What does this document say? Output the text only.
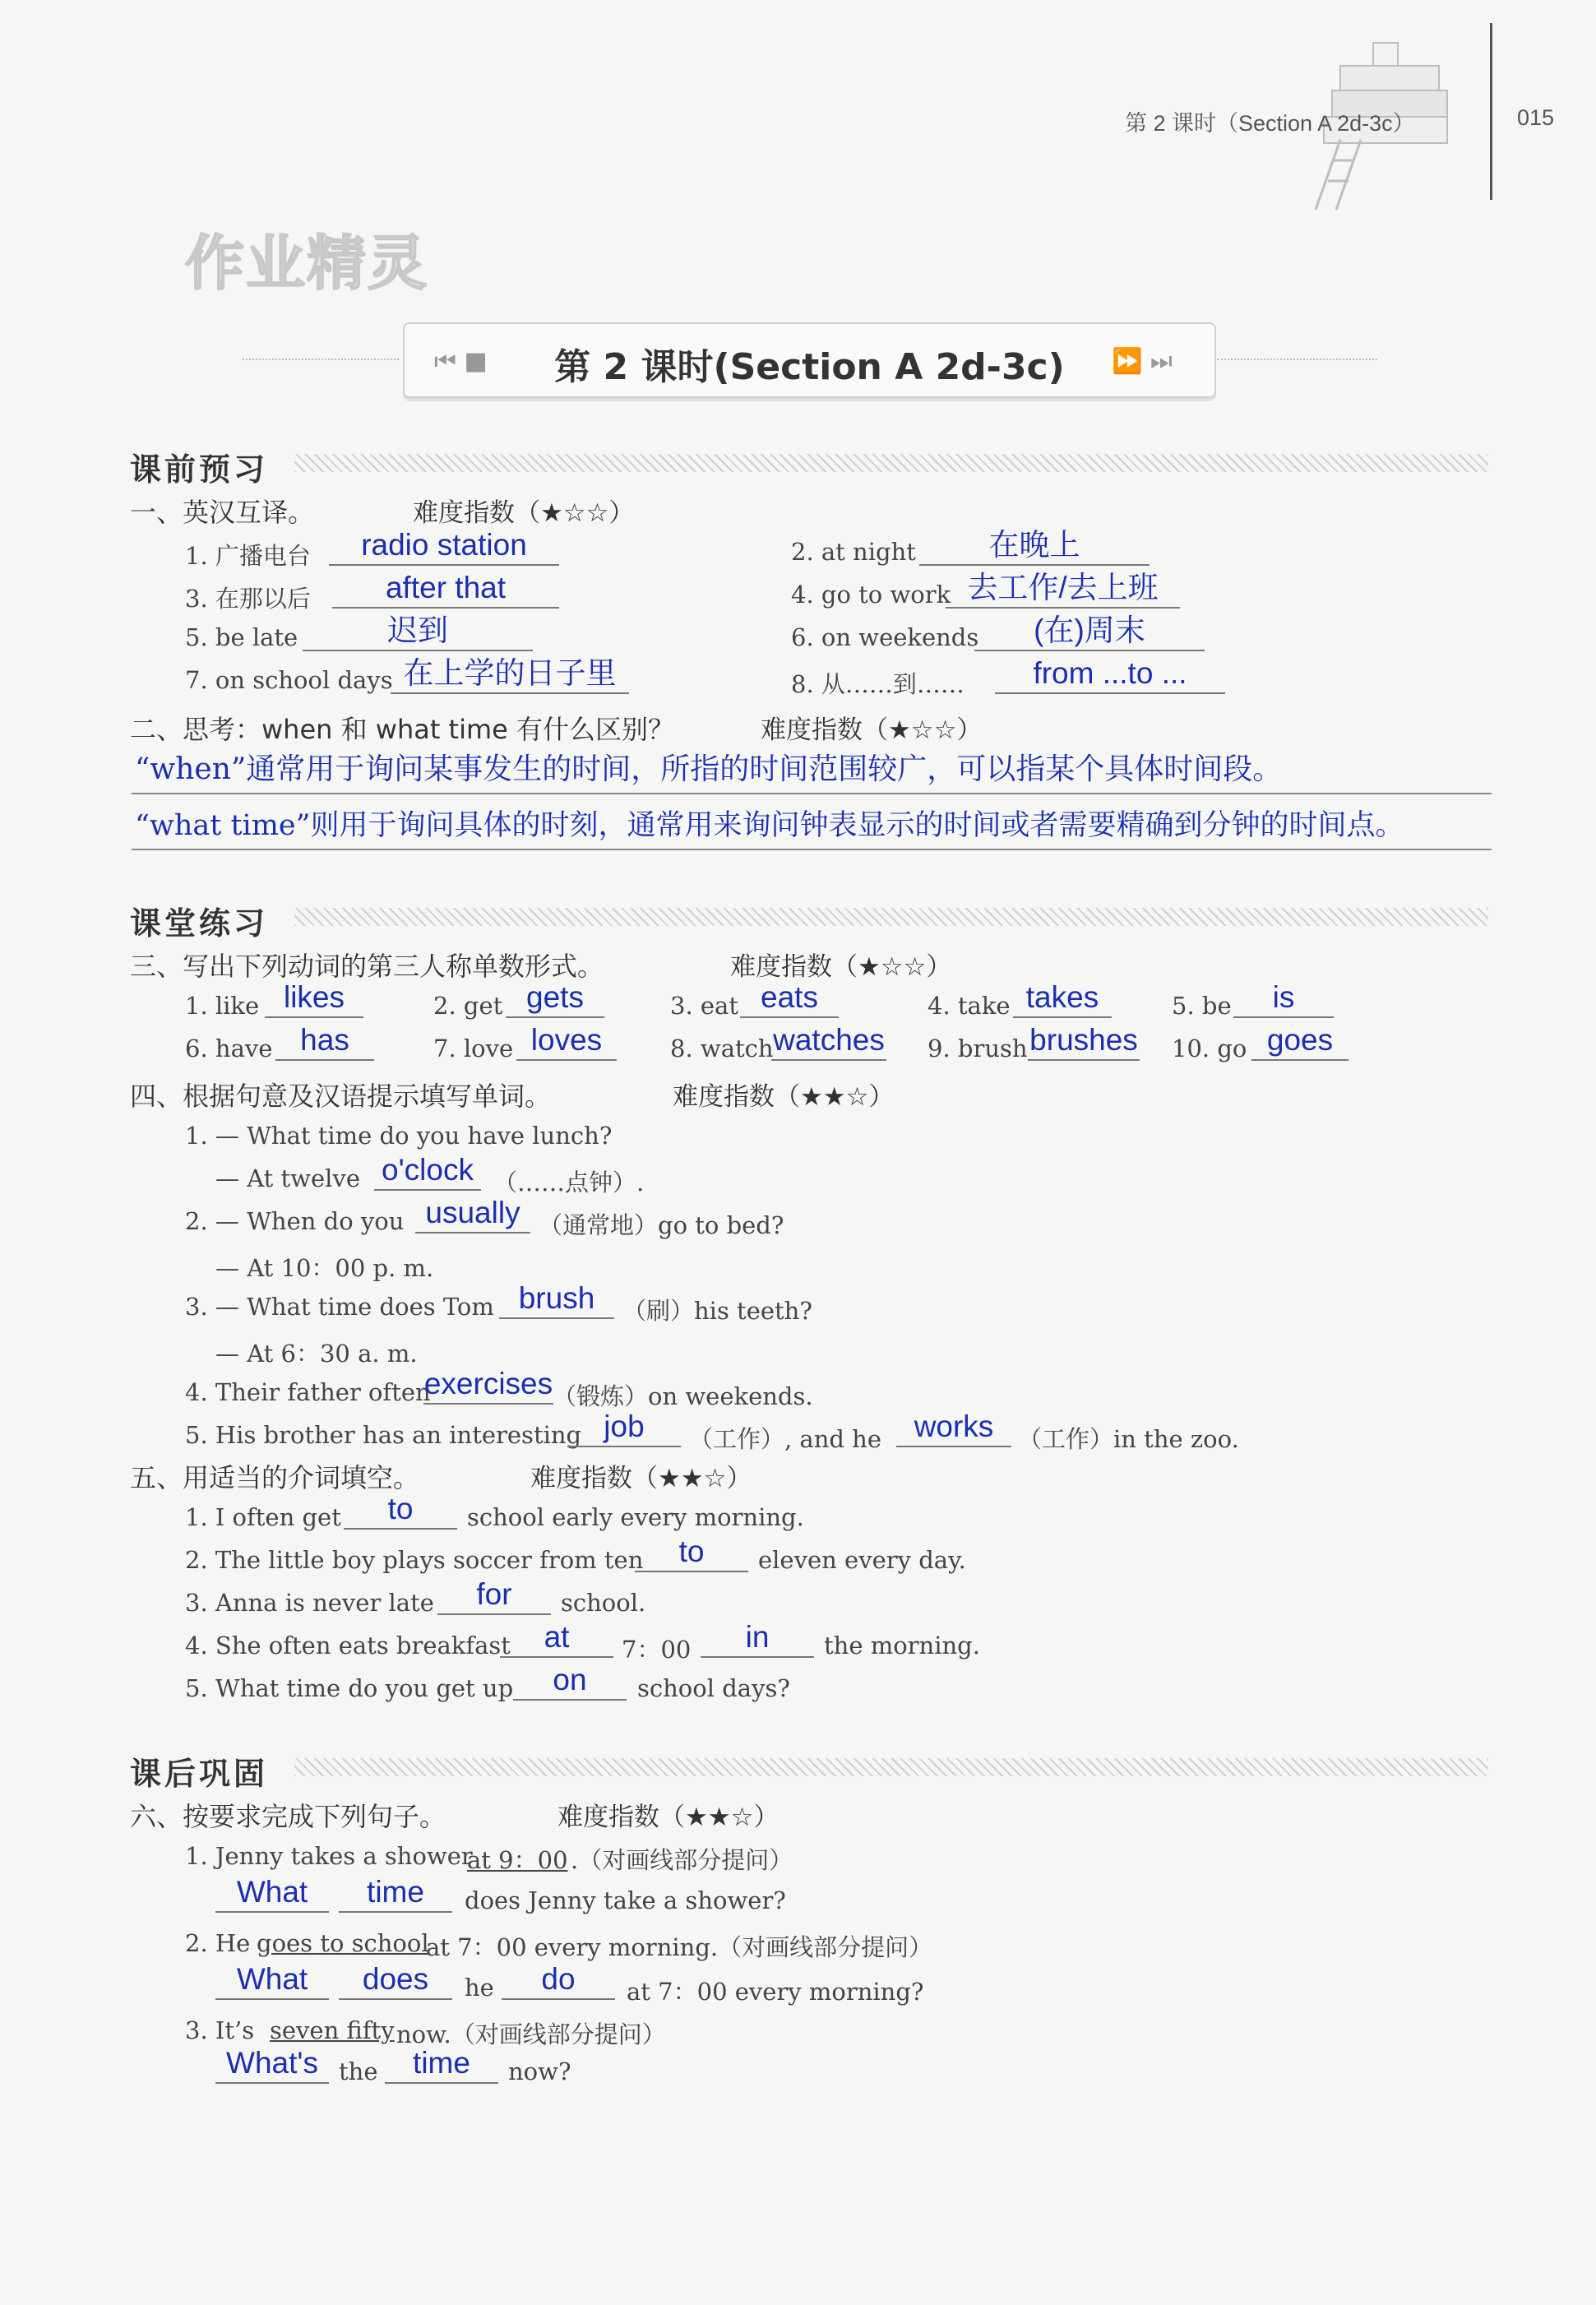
第 2 课时（Section A 2d-3c）	015
作业精灵
⏮ ■	第 2 课时(Section A 2d-3c)	⏩ ⏭
课前预习
一、英汉互译。	难度指数（★☆☆）
1. 广播电台	radio station	2. at night	在晚上
3. 在那以后	after that	4. go to work 去工作/去上班
5. be late	迟到	6. on weekends	(在)周末
7. on school days 在上学的日子里	8. 从……到……	from ...to ...
二、思考：when 和 what time 有什么区别？	难度指数（★☆☆）
“when”通常用于询问某事发生的时间，所指的时间范围较广，可以指某个具体时间段。
“what time”则用于询问具体的时刻，通常用来询问钟表显示的时间或者需要精确到分钟的时间点。
课堂练习
三、写出下列动词的第三人称单数形式。	难度指数（★☆☆）
1. like likes	2. get gets	3. eat eats	4. take takes	5. be	is
6. have has	7. love loves	8. watch watches 9. brush brushes 10. go goes
四、根据句意及汉语提示填写单词。	难度指数（★★☆）
1. — What time do you have lunch?
— At twelve o'clock （……点钟）.
2. — When do you usually （通常地）go to bed?
— At 10：00 p. m.
3. — What time does Tom brush	（刷）his teeth?
— At 6：30 a. m.
4. Their father often
exercises （锻炼）on weekends.
5. His brother has an interesting job	（工作）, and he	works	（工作）in the zoo.
五、用适当的介词填空。	难度指数（★★☆）
1. I often get	to	school early every morning.
2. The little boy plays soccer from ten	to	eleven every day.
3. Anna is never late	for	school.
4. She often eats breakfast	at	7：00	in	the morning.
5. What time do you get up	on	school days?
课后巩固
六、按要求完成下列句子。	难度指数（★★☆）
1. Jenny takes a shower
at 9：00 .（对画线部分提问）
What	time	does Jenny take a shower?
2. He goes to school
at 7：00 every morning.（对画线部分提问）
What	does	he	do	at 7：00 every morning?
3. It’s seven fifty now.（对画线部分提问）
What's the	time	now?
